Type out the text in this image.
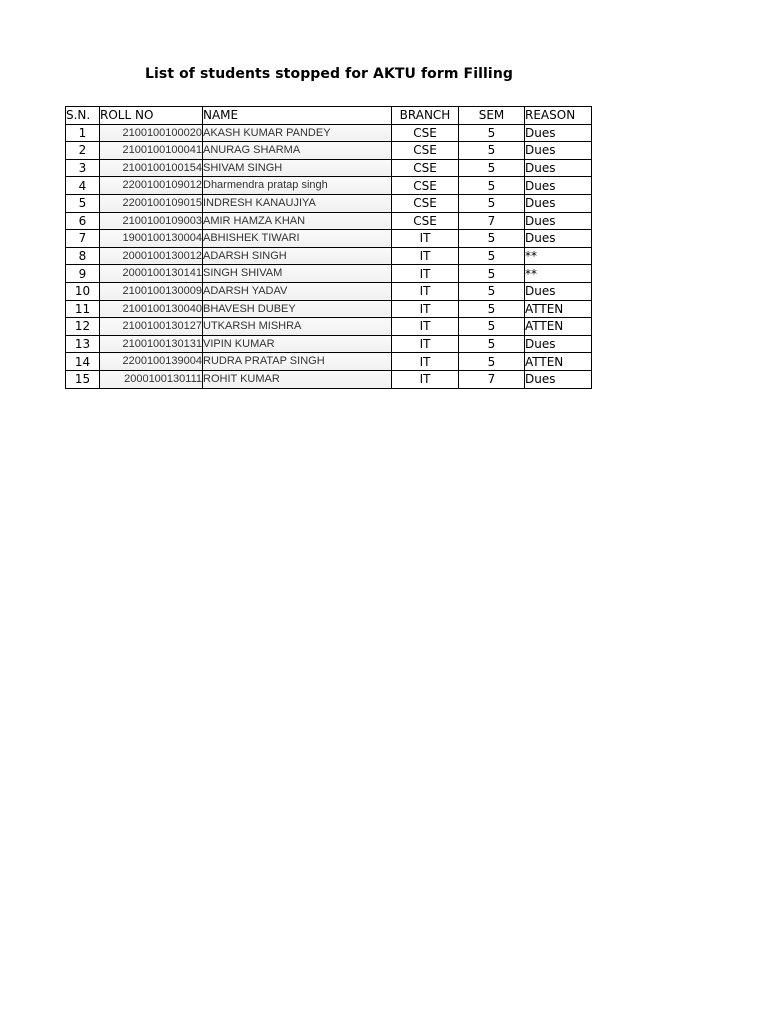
List of students stopped for AKTU form Filling
S.N.	ROLL NO	NAME	BRANCH	SEM	REASON
1	2100100100020	AKASH KUMAR PANDEY	CSE	5	Dues
2	2100100100041	ANURAG SHARMA	CSE	5	Dues
3	2100100100154	SHIVAM SINGH	CSE	5	Dues
4	2200100109012	Dharmendra pratap singh	CSE	5	Dues
5	2200100109015	INDRESH KANAUJIYA	CSE	5	Dues
6	2100100109003	AMIR HAMZA KHAN	CSE	7	Dues
7	1900100130004	ABHISHEK TIWARI	IT	5	Dues
8	2000100130012	ADARSH SINGH	IT	5	**
9	2000100130141	SINGH SHIVAM	IT	5	**
10	2100100130009	ADARSH YADAV	IT	5	Dues
11	2100100130040	BHAVESH DUBEY	IT	5	ATTEN
12	2100100130127	UTKARSH MISHRA	IT	5	ATTEN
13	2100100130131	VIPIN KUMAR	IT	5	Dues
14	2200100139004	RUDRA PRATAP SINGH	IT	5	ATTEN
15	2000100130111	ROHIT KUMAR	IT	7	Dues
